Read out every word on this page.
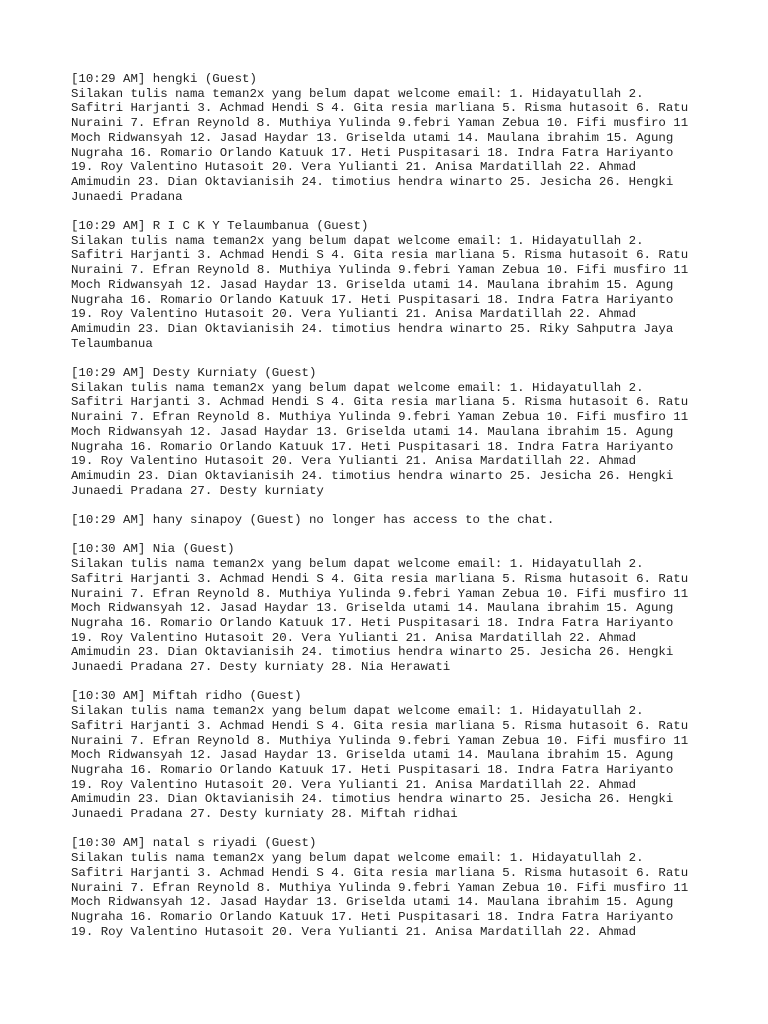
[10:29 AM] hengki (Guest)
Silakan tulis nama teman2x yang belum dapat welcome email: 1. Hidayatullah 2.
Safitri Harjanti 3. Achmad Hendi S 4. Gita resia marliana 5. Risma hutasoit 6. Ratu
Nuraini 7. Efran Reynold 8. Muthiya Yulinda 9.febri Yaman Zebua 10. Fifi musfiro 11
Moch Ridwansyah 12. Jasad Haydar 13. Griselda utami 14. Maulana ibrahim 15. Agung
Nugraha 16. Romario Orlando Katuuk 17. Heti Puspitasari 18. Indra Fatra Hariyanto
19. Roy Valentino Hutasoit 20. Vera Yulianti 21. Anisa Mardatillah 22. Ahmad
Amimudin 23. Dian Oktavianisih 24. timotius hendra winarto 25. Jesicha 26. Hengki
Junaedi Pradana
[10:29 AM] R I C K Y Telaumbanua (Guest)
Silakan tulis nama teman2x yang belum dapat welcome email: 1. Hidayatullah 2.
Safitri Harjanti 3. Achmad Hendi S 4. Gita resia marliana 5. Risma hutasoit 6. Ratu
Nuraini 7. Efran Reynold 8. Muthiya Yulinda 9.febri Yaman Zebua 10. Fifi musfiro 11
Moch Ridwansyah 12. Jasad Haydar 13. Griselda utami 14. Maulana ibrahim 15. Agung
Nugraha 16. Romario Orlando Katuuk 17. Heti Puspitasari 18. Indra Fatra Hariyanto
19. Roy Valentino Hutasoit 20. Vera Yulianti 21. Anisa Mardatillah 22. Ahmad
Amimudin 23. Dian Oktavianisih 24. timotius hendra winarto 25. Riky Sahputra Jaya
Telaumbanua
[10:29 AM] Desty Kurniaty (Guest)
Silakan tulis nama teman2x yang belum dapat welcome email: 1. Hidayatullah 2.
Safitri Harjanti 3. Achmad Hendi S 4. Gita resia marliana 5. Risma hutasoit 6. Ratu
Nuraini 7. Efran Reynold 8. Muthiya Yulinda 9.febri Yaman Zebua 10. Fifi musfiro 11
Moch Ridwansyah 12. Jasad Haydar 13. Griselda utami 14. Maulana ibrahim 15. Agung
Nugraha 16. Romario Orlando Katuuk 17. Heti Puspitasari 18. Indra Fatra Hariyanto
19. Roy Valentino Hutasoit 20. Vera Yulianti 21. Anisa Mardatillah 22. Ahmad
Amimudin 23. Dian Oktavianisih 24. timotius hendra winarto 25. Jesicha 26. Hengki
Junaedi Pradana 27. Desty kurniaty
[10:29 AM] hany sinapoy (Guest) no longer has access to the chat.
[10:30 AM] Nia (Guest)
Silakan tulis nama teman2x yang belum dapat welcome email: 1. Hidayatullah 2.
Safitri Harjanti 3. Achmad Hendi S 4. Gita resia marliana 5. Risma hutasoit 6. Ratu
Nuraini 7. Efran Reynold 8. Muthiya Yulinda 9.febri Yaman Zebua 10. Fifi musfiro 11
Moch Ridwansyah 12. Jasad Haydar 13. Griselda utami 14. Maulana ibrahim 15. Agung
Nugraha 16. Romario Orlando Katuuk 17. Heti Puspitasari 18. Indra Fatra Hariyanto
19. Roy Valentino Hutasoit 20. Vera Yulianti 21. Anisa Mardatillah 22. Ahmad
Amimudin 23. Dian Oktavianisih 24. timotius hendra winarto 25. Jesicha 26. Hengki
Junaedi Pradana 27. Desty kurniaty 28. Nia Herawati
[10:30 AM] Miftah ridho (Guest)
Silakan tulis nama teman2x yang belum dapat welcome email: 1. Hidayatullah 2.
Safitri Harjanti 3. Achmad Hendi S 4. Gita resia marliana 5. Risma hutasoit 6. Ratu
Nuraini 7. Efran Reynold 8. Muthiya Yulinda 9.febri Yaman Zebua 10. Fifi musfiro 11
Moch Ridwansyah 12. Jasad Haydar 13. Griselda utami 14. Maulana ibrahim 15. Agung
Nugraha 16. Romario Orlando Katuuk 17. Heti Puspitasari 18. Indra Fatra Hariyanto
19. Roy Valentino Hutasoit 20. Vera Yulianti 21. Anisa Mardatillah 22. Ahmad
Amimudin 23. Dian Oktavianisih 24. timotius hendra winarto 25. Jesicha 26. Hengki
Junaedi Pradana 27. Desty kurniaty 28. Miftah ridhai
[10:30 AM] natal s riyadi (Guest)
Silakan tulis nama teman2x yang belum dapat welcome email: 1. Hidayatullah 2.
Safitri Harjanti 3. Achmad Hendi S 4. Gita resia marliana 5. Risma hutasoit 6. Ratu
Nuraini 7. Efran Reynold 8. Muthiya Yulinda 9.febri Yaman Zebua 10. Fifi musfiro 11
Moch Ridwansyah 12. Jasad Haydar 13. Griselda utami 14. Maulana ibrahim 15. Agung
Nugraha 16. Romario Orlando Katuuk 17. Heti Puspitasari 18. Indra Fatra Hariyanto
19. Roy Valentino Hutasoit 20. Vera Yulianti 21. Anisa Mardatillah 22. Ahmad
